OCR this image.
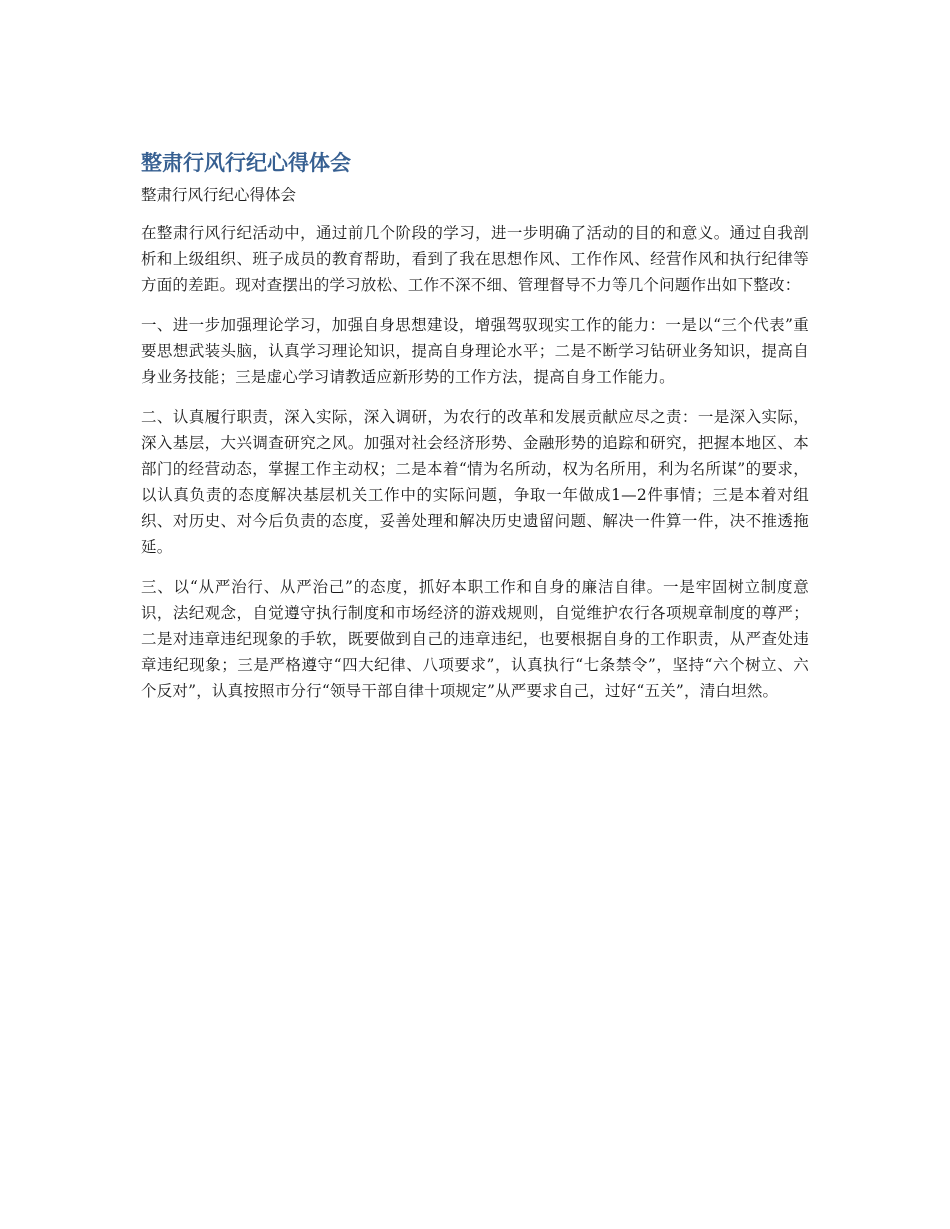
整肃行风行纪心得体会
整肃行风行纪心得体会

在整肃行风行纪活动中，通过前几个阶段的学习，进一步明确了活动的目的和意义。通过自我剖析和上级组织、班子成员的教育帮助，看到了我在思想作风、工作作风、经营作风和执行纪律等方面的差距。现对查摆出的学习放松、工作不深不细、管理督导不力等几个问题作出如下整改：

一、进一步加强理论学习，加强自身思想建设，增强驾驭现实工作的能力：一是以“三个代表”重要思想武装头脑，认真学习理论知识，提高自身理论水平；二是不断学习钻研业务知识，提高自身业务技能；三是虚心学习请教适应新形势的工作方法，提高自身工作能力。

二、认真履行职责，深入实际，深入调研，为农行的改革和发展贡献应尽之责：一是深入实际，深入基层，大兴调查研究之风。加强对社会经济形势、金融形势的追踪和研究，把握本地区、本部门的经营动态，掌握工作主动权；二是本着“情为名所动，权为名所用，利为名所谋”的要求，以认真负责的态度解决基层机关工作中的实际问题，争取一年做成1—2件事情；三是本着对组织、对历史、对今后负责的态度，妥善处理和解决历史遗留问题、解决一件算一件，决不推透拖延。

三、以“从严治行、从严治己”的态度，抓好本职工作和自身的廉洁自律。一是牢固树立制度意识，法纪观念，自觉遵守执行制度和市场经济的游戏规则，自觉维护农行各项规章制度的尊严；二是对违章违纪现象的手软，既要做到自己的违章违纪，也要根据自身的工作职责，从严查处违章违纪现象；三是严格遵守“四大纪律、八项要求”，认真执行“七条禁令”，坚持“六个树立、六个反对”，认真按照市分行“领导干部自律十项规定”从严要求自己，过好“五关”，清白坦然。
